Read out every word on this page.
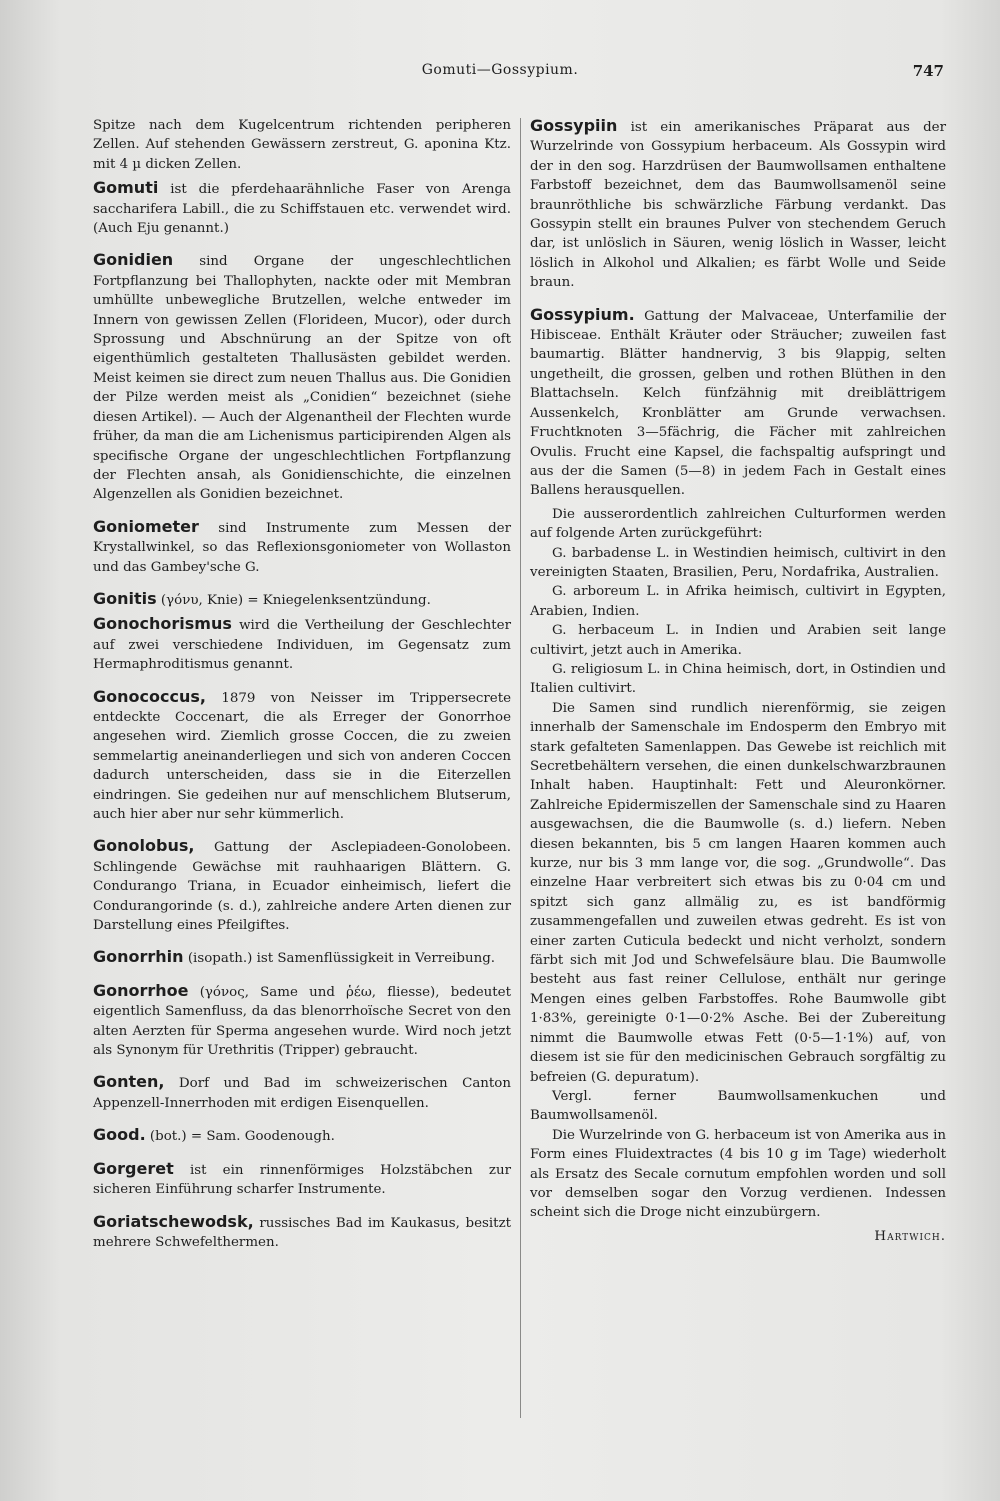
Gomuti—Gossypium.	747
Spitze nach dem Kugelcentrum richtenden peripheren Zellen. Auf stehenden Gewässern zerstreut, G. aponina Ktz. mit 4 µ dicken Zellen.
Gomuti ist die pferdehaarähnliche Faser von Arenga saccharifera Labill., die zu Schiffstauen etc. verwendet wird. (Auch Eju genannt.)
Gonidien sind Organe der ungeschlechtlichen Fortpflanzung bei Thallophyten, nackte oder mit Membran umhüllte unbewegliche Brutzellen, welche entweder im Innern von gewissen Zellen (Florideen, Mucor), oder durch Sprossung und Abschnürung an der Spitze von oft eigenthümlich gestalteten Thallusästen gebildet werden. Meist keimen sie direct zum neuen Thallus aus. Die Gonidien der Pilze werden meist als „Conidien“ bezeichnet (siehe diesen Artikel). — Auch der Algenantheil der Flechten wurde früher, da man die am Lichenismus participirenden Algen als specifische Organe der ungeschlechtlichen Fortpflanzung der Flechten ansah, als Gonidienschichte, die einzelnen Algenzellen als Gonidien bezeichnet.
Goniometer sind Instrumente zum Messen der Krystallwinkel, so das Reflexionsgoniometer von Wollaston und das Gambey'sche G.
Gonitis (γόνυ, Knie) = Kniegelenksentzündung.
Gonochorismus wird die Vertheilung der Geschlechter auf zwei verschiedene Individuen, im Gegensatz zum Hermaphroditismus genannt.
Gonococcus, 1879 von Neisser im Trippersecrete entdeckte Coccenart, die als Erreger der Gonorrhoe angesehen wird. Ziemlich grosse Coccen, die zu zweien semmelartig aneinanderliegen und sich von anderen Coccen dadurch unterscheiden, dass sie in die Eiterzellen eindringen. Sie gedeihen nur auf menschlichem Blutserum, auch hier aber nur sehr kümmerlich.
Gonolobus, Gattung der Asclepiadeen-Gonolobeen. Schlingende Gewächse mit rauhhaarigen Blättern. G. Condurango Triana, in Ecuador einheimisch, liefert die Condurangorinde (s. d.), zahlreiche andere Arten dienen zur Darstellung eines Pfeilgiftes.
Gonorrhin (isopath.) ist Samenflüssigkeit in Verreibung.
Gonorrhoe (γόνος, Same und ῥέω, fliesse), bedeutet eigentlich Samenfluss, da das blenorrhoïsche Secret von den alten Aerzten für Sperma angesehen wurde. Wird noch jetzt als Synonym für Urethritis (Tripper) gebraucht.
Gonten, Dorf und Bad im schweizerischen Canton Appenzell-Innerrhoden mit erdigen Eisenquellen.
Good. (bot.) = Sam. Goodenough.
Gorgeret ist ein rinnenförmiges Holzstäbchen zur sicheren Einführung scharfer Instrumente.
Goriatschewodsk, russisches Bad im Kaukasus, besitzt mehrere Schwefelthermen.
Gossypiin ist ein amerikanisches Präparat aus der Wurzelrinde von Gossypium herbaceum. Als Gossypin wird der in den sog. Harzdrüsen der Baumwollsamen enthaltene Farbstoff bezeichnet, dem das Baumwollsamenöl seine braunröthliche bis schwärzliche Färbung verdankt. Das Gossypin stellt ein braunes Pulver von stechendem Geruch dar, ist unlöslich in Säuren, wenig löslich in Wasser, leicht löslich in Alkohol und Alkalien; es färbt Wolle und Seide braun.
Gossypium. Gattung der Malvaceae, Unterfamilie der Hibisceae. Enthält Kräuter oder Sträucher; zuweilen fast baumartig. Blätter handnervig, 3 bis 9lappig, selten ungetheilt, die grossen, gelben und rothen Blüthen in den Blattachseln. Kelch fünfzähnig mit dreiblättrigem Aussenkelch, Kronblätter am Grunde verwachsen. Fruchtknoten 3—5fächrig, die Fächer mit zahlreichen Ovulis. Frucht eine Kapsel, die fachspaltig aufspringt und aus der die Samen (5—8) in jedem Fach in Gestalt eines Ballens herausquellen.

Die ausserordentlich zahlreichen Culturformen werden auf folgende Arten zurückgeführt:

G. barbadense L. in Westindien heimisch, cultivirt in den vereinigten Staaten, Brasilien, Peru, Nordafrika, Australien.

G. arboreum L. in Afrika heimisch, cultivirt in Egypten, Arabien, Indien.

G. herbaceum L. in Indien und Arabien seit lange cultivirt, jetzt auch in Amerika.

G. religiosum L. in China heimisch, dort, in Ostindien und Italien cultivirt.

Die Samen sind rundlich nierenförmig, sie zeigen innerhalb der Samenschale im Endosperm den Embryo mit stark gefalteten Samenlappen. Das Gewebe ist reichlich mit Secretbehältern versehen, die einen dunkelschwarzbraunen Inhalt haben. Hauptinhalt: Fett und Aleuronkörner. Zahlreiche Epidermiszellen der Samenschale sind zu Haaren ausgewachsen, die die Baumwolle (s. d.) liefern. Neben diesen bekannten, bis 5 cm langen Haaren kommen auch kurze, nur bis 3 mm lange vor, die sog. „Grundwolle“. Das einzelne Haar verbreitert sich etwas bis zu 0·04 cm und spitzt sich ganz allmälig zu, es ist bandförmig zusammengefallen und zuweilen etwas gedreht. Es ist von einer zarten Cuticula bedeckt und nicht verholzt, sondern färbt sich mit Jod und Schwefelsäure blau. Die Baumwolle besteht aus fast reiner Cellulose, enthält nur geringe Mengen eines gelben Farbstoffes. Rohe Baumwolle gibt 1·83%, gereinigte 0·1—0·2% Asche. Bei der Zubereitung nimmt die Baumwolle etwas Fett (0·5—1·1%) auf, von diesem ist sie für den medicinischen Gebrauch sorgfältig zu befreien (G. depuratum).

Vergl. ferner Baumwollsamenkuchen und Baumwollsamenöl.

Die Wurzelrinde von G. herbaceum ist von Amerika aus in Form eines Fluidextractes (4 bis 10 g im Tage) wiederholt als Ersatz des Secale cornutum empfohlen worden und soll vor demselben sogar den Vorzug verdienen. Indessen scheint sich die Droge nicht einzubürgern.

Hartwich.
